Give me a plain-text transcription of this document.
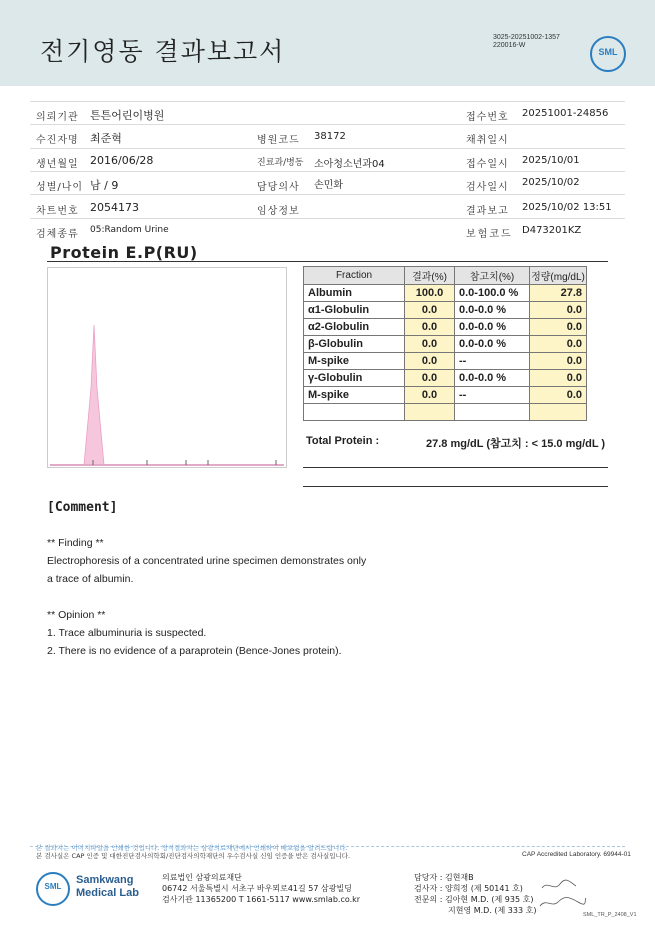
전기영동 결과보고서	3025-20251002-1357
220016-W
SML
의뢰기관 튼튼어린이병원	접수번호 20251001-24856
수진자명 최준혁	병원코드 38172	채취일시
생년월일 2016/06/28	진료과/병동 소아청소년과04	접수일시 2025/10/01
성별/나이 남 / 9	담당의사 손민화	검사일시 2025/10/02
차트번호 2054173	임상정보	결과보고 2025/10/02 13:51
검체종류 05:Random Urine	보험코드 D473201KZ
Protein E.P(RU)
Fraction	결과(%)	참고치(%)	정량(mg/dL)
Albumin	100.0	0.0-100.0 %	27.8
α1-Globulin	0.0	0.0-0.0 %	0.0
α2-Globulin	0.0	0.0-0.0 %	0.0
β-Globulin	0.0	0.0-0.0 %	0.0
M-spike	0.0	--	0.0
γ-Globulin	0.0	0.0-0.0 %	0.0
M-spike	0.0	--	0.0

Total Protein :	27.8 mg/dL (참고치 : < 15.0 mg/dL )
[Comment]
** Finding **
Electrophoresis of a concentrated urine specimen demonstrates only
a trace of albumin.
** Opinion **
1. Trace albuminuria is suspected.
2. There is no evidence of a paraprotein (Bence-Jones protein).
본 결과지는 이미지파일을 인쇄한 것입니다. 정식결과지는 삼광의료재단에서 인쇄하여 배포됨을 알려드립니다.
본 검사실은 CAP 인증 및 대한진단검사의학회/진단검사의학재단의 우수검사실 신임 인증을 받은 검사실입니다.	CAP Accredited Laboratory. 69944-01
SML
Samkwang
Medical Lab
의료법인 삼광의료재단
06742 서울특별시 서초구 바우뫼로41길 57 삼광빌딩
검사기관 11365200 T 1661-5117 www.smlab.co.kr
담당자 : 김현재B
검사자 : 양희정 (제 50141 호)
전문의 : 김아현 M.D. (제 935 호)
지현영 M.D. (제 333 호)	SML_TR_P_2408_V1
